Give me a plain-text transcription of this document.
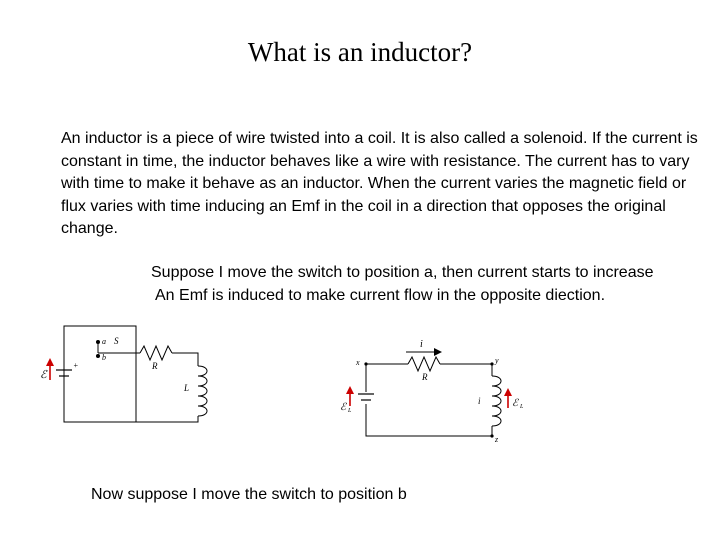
What is an inductor?

An inductor is a piece of wire twisted into a coil. It is also called a solenoid. If the current is constant in time, the inductor behaves like a wire with resistance. The current has to vary with time to make it behave as an inductor. When the current varies the magnetic field or flux varies with time inducing an Emf in the coil in a direction that opposes the original change.

Suppose I move the switch to position a, then current starts to increase

An Emf is induced to make current flow in the opposite diection.

ℰ
+
a S
b
R
L
x	y
z
i
R
i	ℰ L
ℰ L

Now suppose I move the switch to position b
